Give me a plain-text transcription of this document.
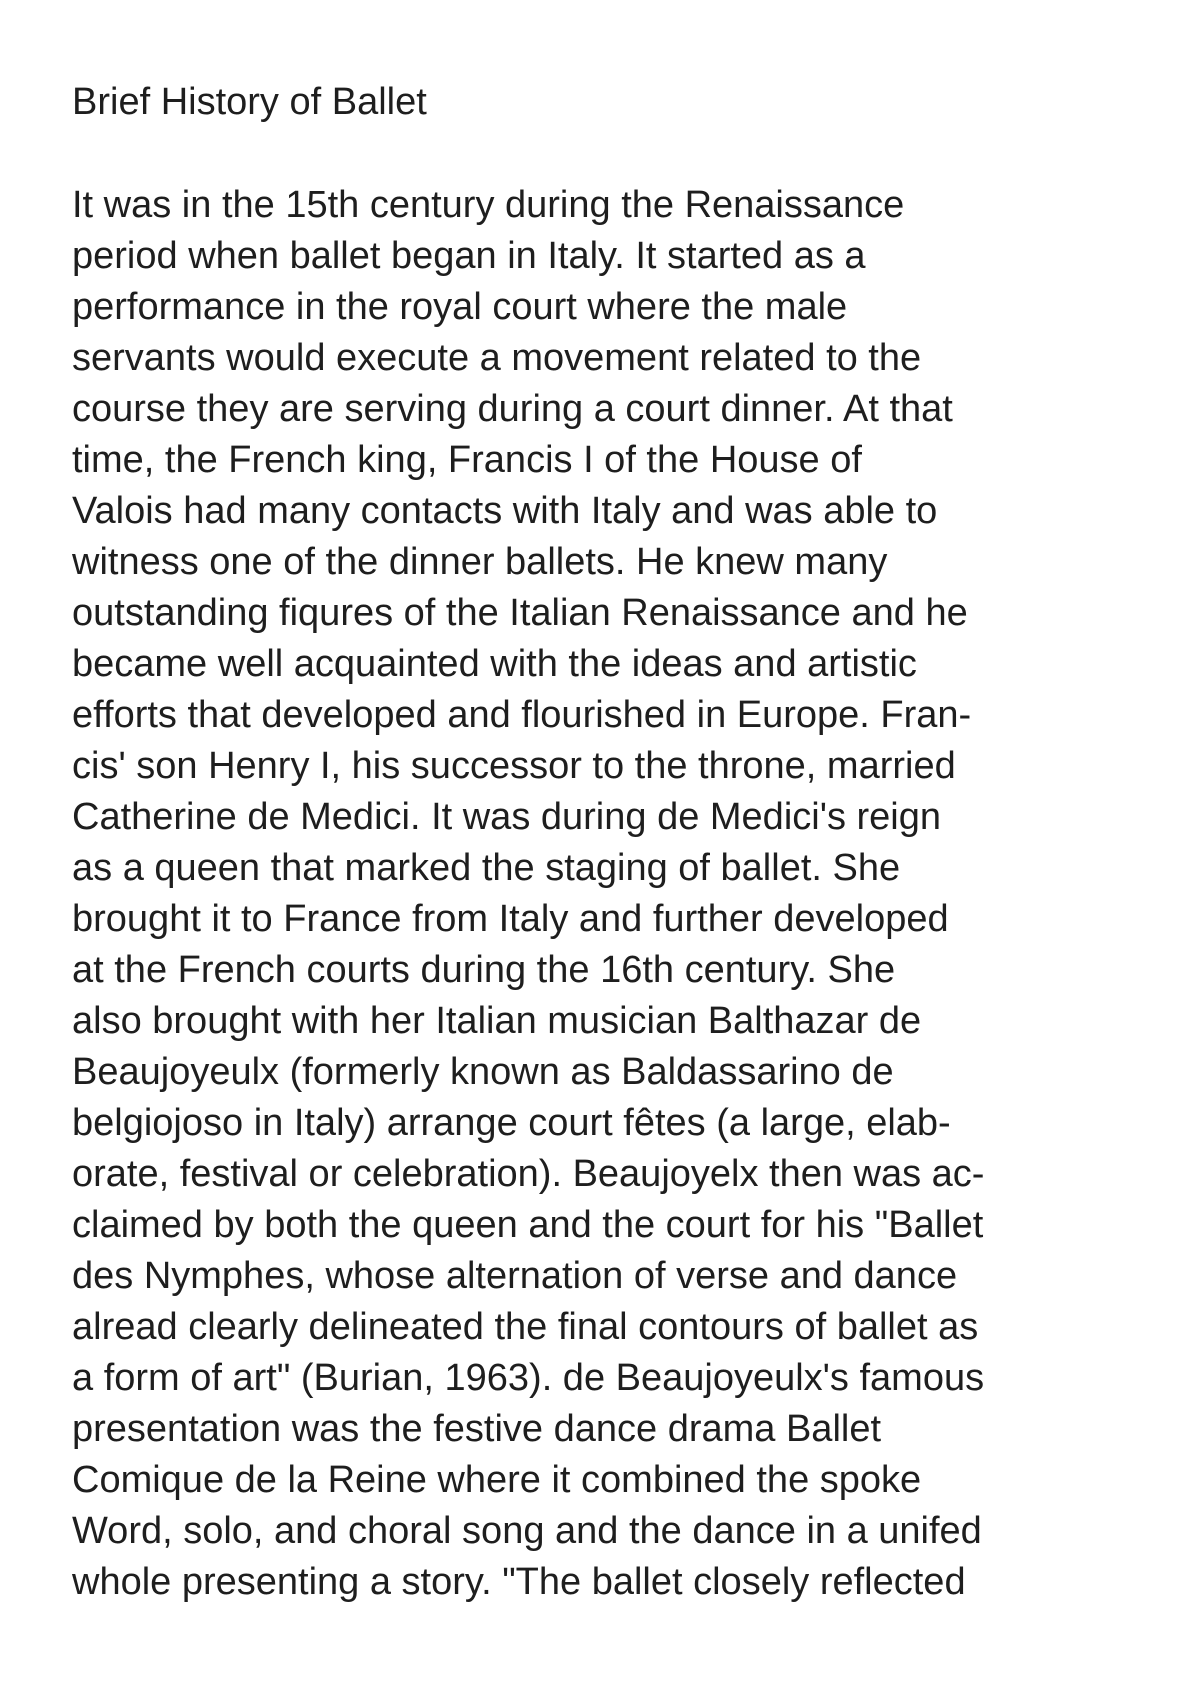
Brief History of Ballet
It was in the 15th century during the Renaissance
period when ballet began in Italy. It started as a
performance in the royal court where the male
servants would execute a movement related to the
course they are serving during a court dinner. At that
time, the French king, Francis I of the House of
Valois had many contacts with Italy and was able to
witness one of the dinner ballets. He knew many
outstanding fiqures of the Italian Renaissance and he
became well acquainted with the ideas and artistic
efforts that developed and flourished in Europe. Fran-
cis' son Henry I, his successor to the throne, married
Catherine de Medici. It was during de Medici's reign
as a queen that marked the staging of ballet. She
brought it to France from Italy and further developed
at the French courts during the 16th century. She
also brought with her Italian musician Balthazar de
Beaujoyeulx (formerly known as Baldassarino de
belgiojoso in Italy) arrange court fêtes (a large, elab-
orate, festival or celebration). Beaujoyelx then was ac-
claimed by both the queen and the court for his "Ballet
des Nymphes, whose alternation of verse and dance
alread clearly delineated the final contours of ballet as
a form of art" (Burian, 1963). de Beaujoyeulx's famous
presentation was the festive dance drama Ballet
Comique de la Reine where it combined the spoke
Word, solo, and choral song and the dance in a unifed
whole presenting a story. "The ballet closely reflected
